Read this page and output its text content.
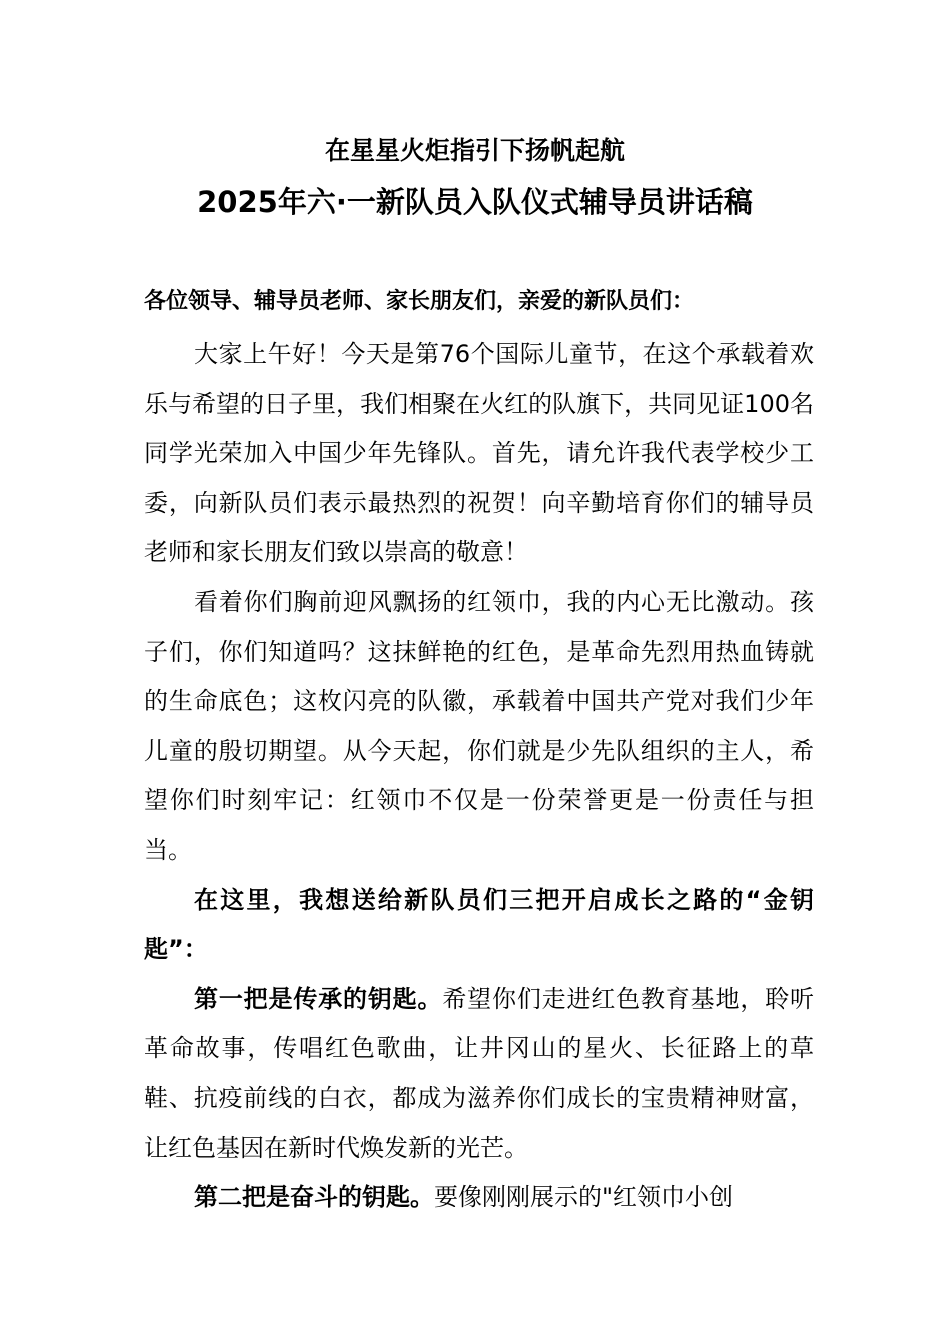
在星星火炬指引下扬帆起航
2025年六·一新队员入队仪式辅导员讲话稿

各位领导、辅导员老师、家长朋友们，亲爱的新队员们：

大家上午好！今天是第76个国际儿童节，在这个承载着欢乐与希望的日子里，我们相聚在火红的队旗下，共同见证100名同学光荣加入中国少年先锋队。首先，请允许我代表学校少工委，向新队员们表示最热烈的祝贺！向辛勤培育你们的辅导员老师和家长朋友们致以崇高的敬意！

看着你们胸前迎风飘扬的红领巾，我的内心无比激动。孩子们，你们知道吗？这抹鲜艳的红色，是革命先烈用热血铸就的生命底色；这枚闪亮的队徽，承载着中国共产党对我们少年儿童的殷切期望。从今天起，你们就是少先队组织的主人，希望你们时刻牢记：红领巾不仅是一份荣誉更是一份责任与担当。

在这里，我想送给新队员们三把开启成长之路的“金钥匙”：

第一把是传承的钥匙。希望你们走进红色教育基地，聆听革命故事，传唱红色歌曲，让井冈山的星火、长征路上的草鞋、抗疫前线的白衣，都成为滋养你们成长的宝贵精神财富，让红色基因在新时代焕发新的光芒。

第二把是奋斗的钥匙。要像刚刚展示的"红领巾小创
